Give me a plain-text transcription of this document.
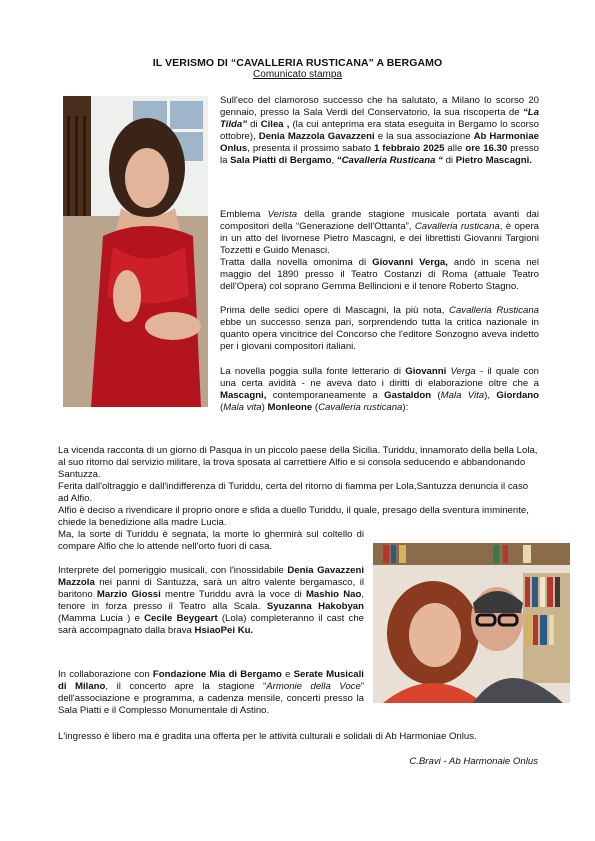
IL VERISMO DI “CAVALLERIA RUSTICANA" A BERGAMO
Comunicato stampa
Sull'eco del clamoroso successo che ha salutato, a Milano lo scorso 20 gennaio, presso la Sala Verdi del Conservatorio, la sua riscoperta de “La Tilda” di Cilea , (la cui anteprima era stata eseguita in Bergamo lo scorso ottobre), Denia Mazzola Gavazzeni e la sua associazione Ab Harmoniae Onlus, presenta il prossimo sabato 1 febbraio 2025 alle ore 16.30 presso la Sala Piatti di Bergamo, “Cavalleria Rusticana “ di Pietro Mascagni.
Emblema Verista della grande stagione musicale portata avanti dai compositori della “Generazione dell'Ottanta”, Cavalleria rusticana, è opera in un atto del livornese Pietro Mascagni, e dei librettisti Giovanni Targioni Tozzetti e Guido Menasci.
Tratta dalla novella omonima di Giovanni Verga, andò in scena nel maggio del 1890 presso il Teatro Costanzi di Roma (attuale Teatro dell'Opera) col soprano Gemma Bellincioni e il tenore Roberto Stagno.
Prima delle sedici opere di Mascagni, la più nota, Cavalleria Rusticana ebbe un successo senza pari, sorprendendo tutta la critica nazionale in quanto opera vincitrice del Concorso che l'editore Sonzogno aveva indetto per i giovani compositori italiani.
La novella poggia sulla fonte letterario di Giovanni Verga - il quale con una certa avidità - ne aveva dato i diritti di elaborazione oltre che a Mascagni, contemporaneamente a Gastaldon (Mala Vita), Giordano (Mala vita) Monleone (Cavalleria rusticana):
La vicenda racconta di un giorno di Pasqua in un piccolo paese della Sicilia. Turiddu, innamorato della bella Lola, al suo ritorno dal servizio militare, la trova sposata al carrettiere Alfio e si consola seducendo e abbandonando Santuzza.
Ferita dall'oltraggio e dall'indifferenza di Turiddu, certa del ritorno di fiamma per Lola,Santuzza denuncia il caso ad Alfio.
Alfio è deciso a rivendicare il proprio onore e sfida a duello Turiddu, il quale, presago della sventura imminente, chiede la benedizione alla madre Lucia.
Ma, la sorte di Turiddu è segnata, la morte lo ghermirà sul coltello di compare Alfio che lo attende nell'orto fuori di casa.
Interprete del pomeriggio musicali, con l'inossidabile Denia Gavazzeni Mazzola nei panni di Santuzza, sarà un altro valente bergamasco, il baritono Marzio Giossi mentre Turiddu avrà la voce di Mashio Nao, tenore in forza presso il Teatro alla Scala. Syuzanna Hakobyan (Mamma Lucia ) e Cecile Beygeart (Lola) completeranno il cast che sarà accompagnato dalla brava HsiaoPei Ku.
In collaborazione con Fondazione Mia di Bergamo e Serate Musicali di Milano, il concerto apre la stagione “Armonie della Voce” dell'associazione e programma, a cadenza mensile, concerti presso la Sala Piatti e il Complesso Monumentale di Astino.
L'ingresso è libero ma è gradita una offerta per le attività culturali e solidali di Ab Harmoniae Onlus.
C.Bravi - Ab Harmonaie Onlus
